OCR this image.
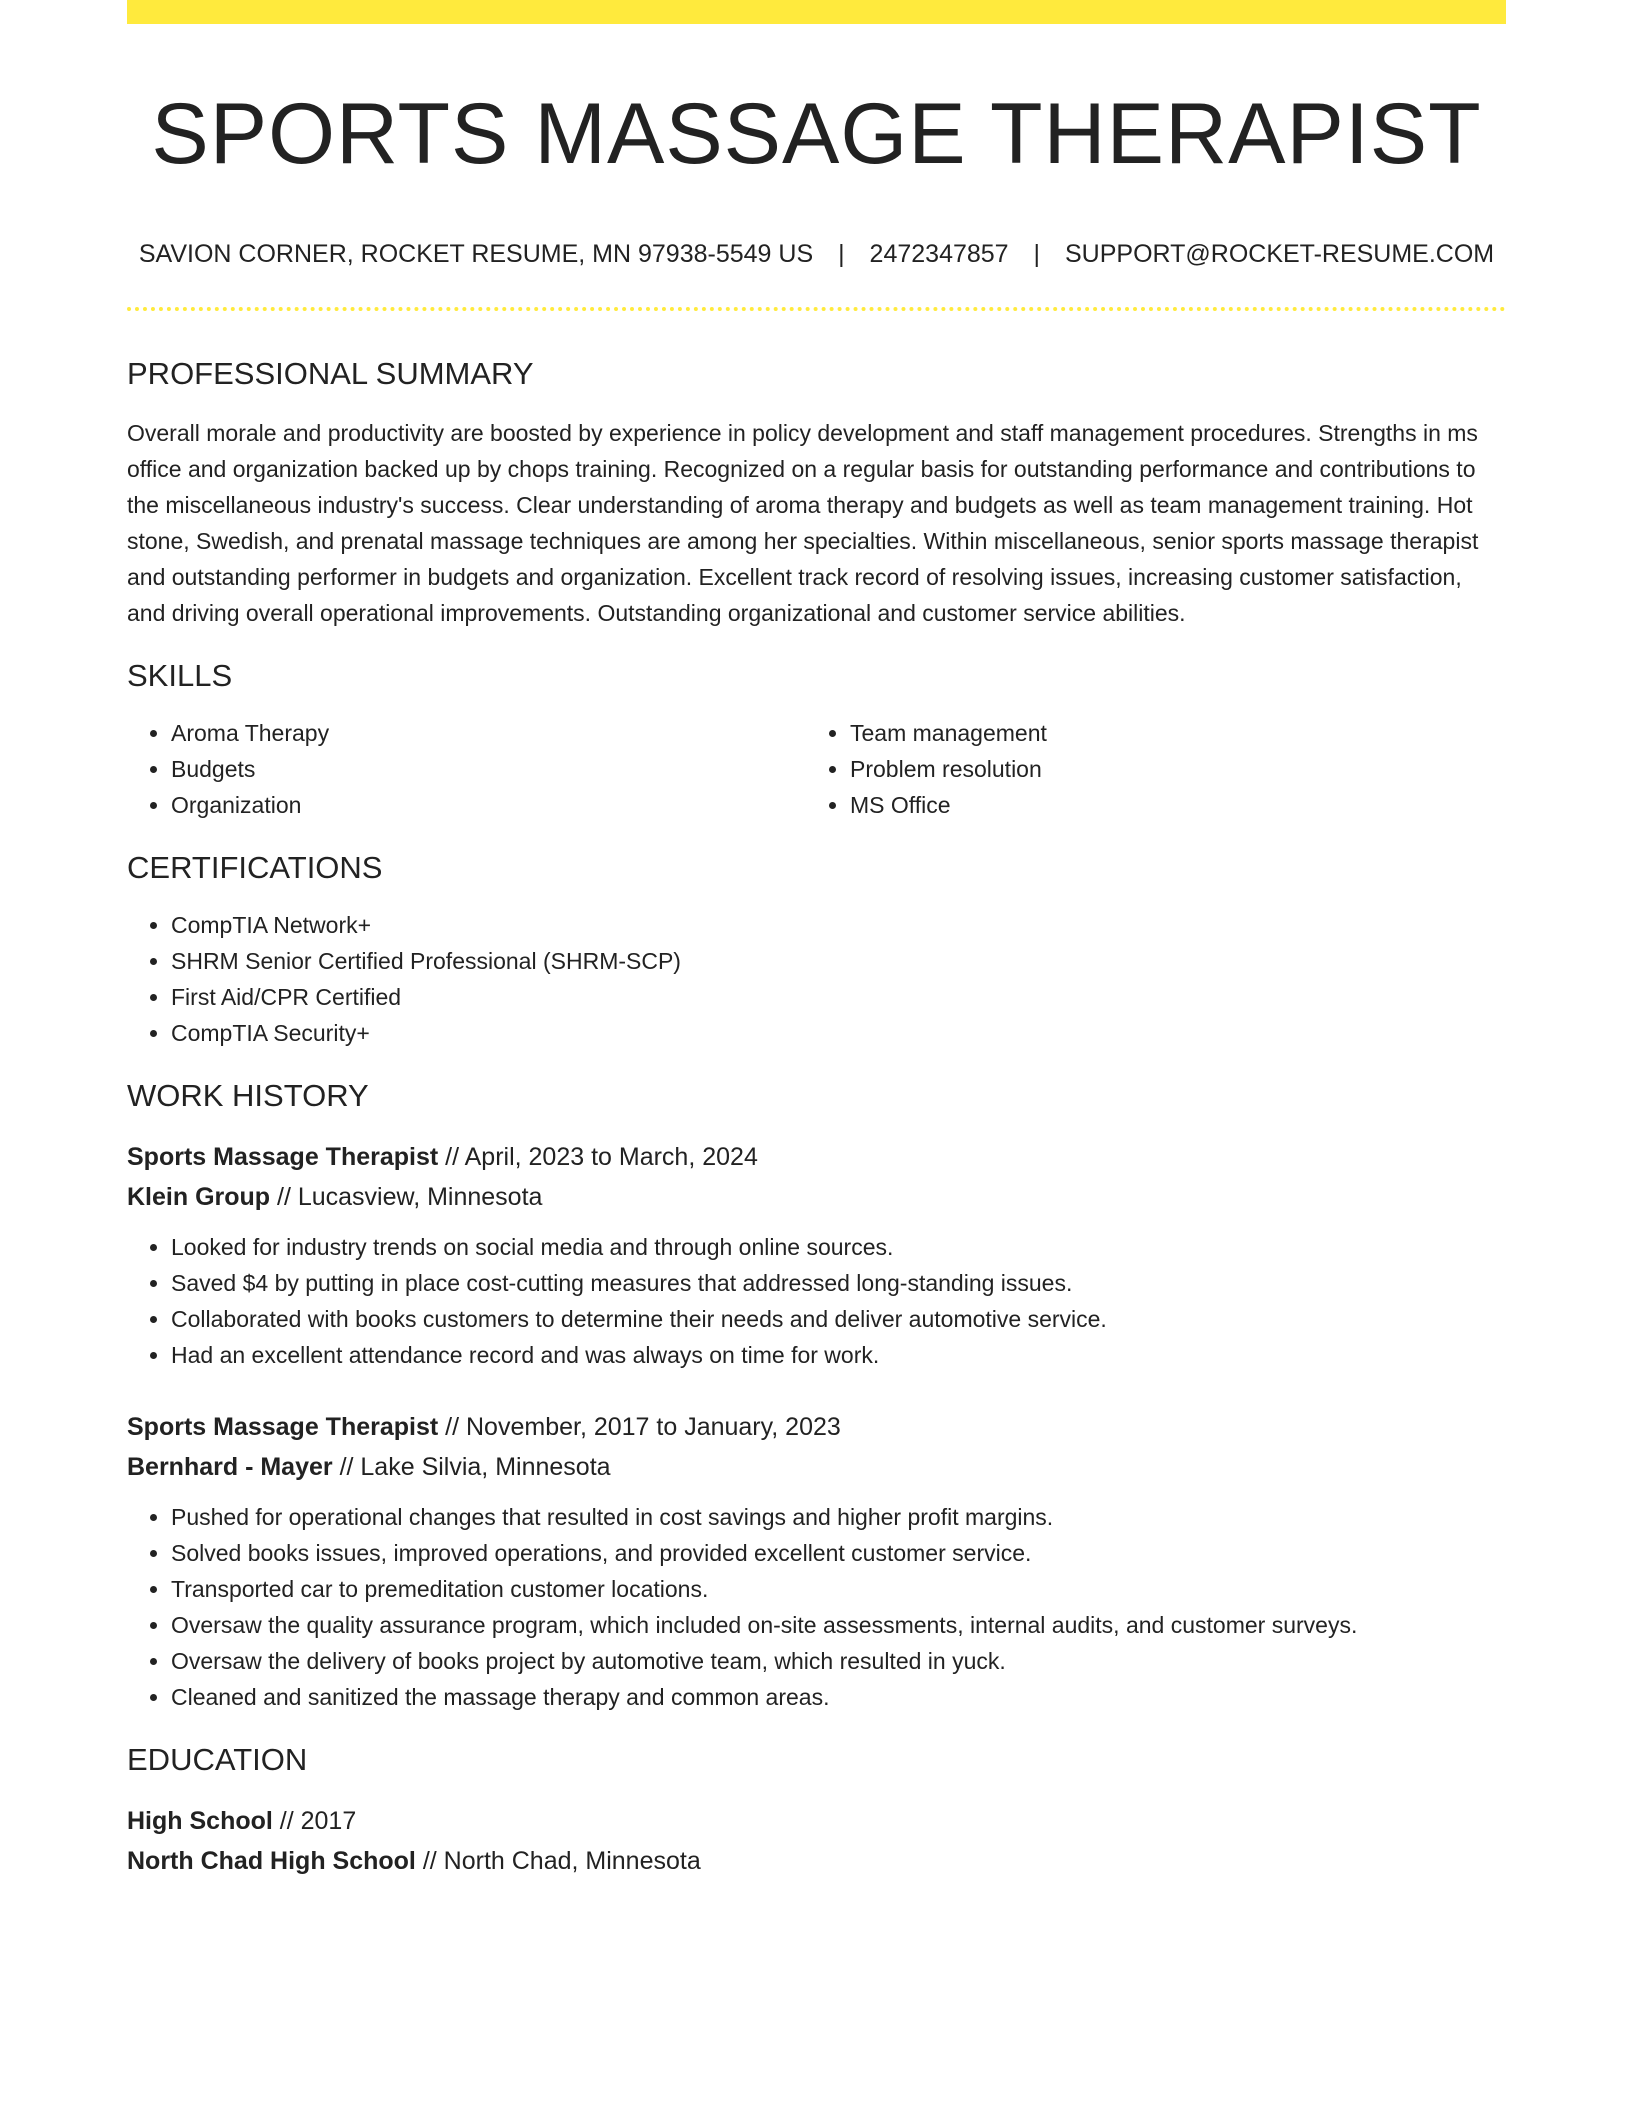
SPORTS MASSAGE THERAPIST
SAVION CORNER, ROCKET RESUME, MN 97938-5549 US | 2472347857 | SUPPORT@ROCKET-RESUME.COM
PROFESSIONAL SUMMARY

Overall morale and productivity are boosted by experience in policy development and staff management procedures. Strengths in ms office and organization backed up by chops training. Recognized on a regular basis for outstanding performance and contributions to the miscellaneous industry's success. Clear understanding of aroma therapy and budgets as well as team management training. Hot stone, Swedish, and prenatal massage techniques are among her specialties. Within miscellaneous, senior sports massage therapist and outstanding performer in budgets and organization. Excellent track record of resolving issues, increasing customer satisfaction, and driving overall operational improvements. Outstanding organizational and customer service abilities.

SKILLS
• Aroma Therapy
• Budgets
• Organization
• Team management
• Problem resolution
• MS Office
CERTIFICATIONS
• CompTIA Network+
• SHRM Senior Certified Professional (SHRM-SCP)
• First Aid/CPR Certified
• CompTIA Security+
WORK HISTORY

Sports Massage Therapist // April, 2023 to March, 2024

Klein Group // Lucasview, Minnesota

• Looked for industry trends on social media and through online sources.
• Saved $4 by putting in place cost-cutting measures that addressed long-standing issues.
• Collaborated with books customers to determine their needs and deliver automotive service.
• Had an excellent attendance record and was always on time for work.

Sports Massage Therapist // November, 2017 to January, 2023

Bernhard - Mayer // Lake Silvia, Minnesota

• Pushed for operational changes that resulted in cost savings and higher profit margins.
• Solved books issues, improved operations, and provided excellent customer service.
• Transported car to premeditation customer locations.
• Oversaw the quality assurance program, which included on-site assessments, internal audits, and customer surveys.
• Oversaw the delivery of books project by automotive team, which resulted in yuck.
• Cleaned and sanitized the massage therapy and common areas.
EDUCATION

High School // 2017

North Chad High School // North Chad, Minnesota
